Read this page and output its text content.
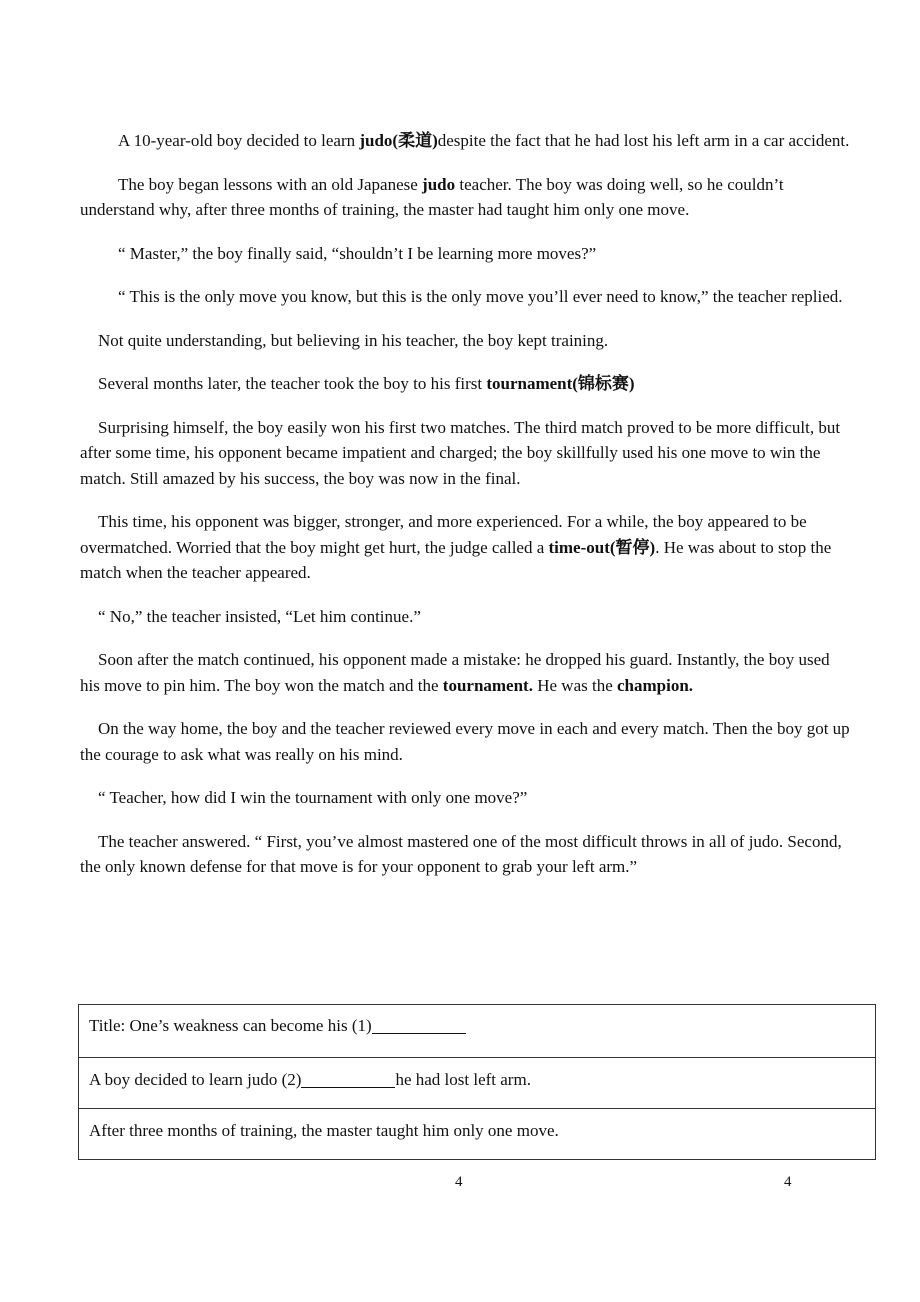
A 10-year-old boy decided to learn judo(柔道)despite the fact that he had lost his left arm in a car accident.

The boy began lessons with an old Japanese judo teacher. The boy was doing well, so he couldn’t understand why, after three months of training, the master had taught him only one move.

“ Master,” the boy finally said, “shouldn’t I be learning more moves?”

“ This is the only move you know, but this is the only move you’ll ever need to know,” the teacher replied.

Not quite understanding, but believing in his teacher, the boy kept training.

Several months later, the teacher took the boy to his first tournament(锦标赛)

Surprising himself, the boy easily won his first two matches. The third match proved to be more difficult, but after some time, his opponent became impatient and charged; the boy skillfully used his one move to win the match. Still amazed by his success, the boy was now in the final.

This time, his opponent was bigger, stronger, and more experienced. For a while, the boy appeared to be overmatched. Worried that the boy might get hurt, the judge called a time-out(暂停). He was about to stop the match when the teacher appeared.

“ No,” the teacher insisted, “Let him continue.”

Soon after the match continued, his opponent made a mistake: he dropped his guard. Instantly, the boy used his move to pin him. The boy won the match and the tournament. He was the champion.

On the way home, the boy and the teacher reviewed every move in each and every match. Then the boy got up the courage to ask what was really on his mind.

“ Teacher, how did I win the tournament with only one move?”

The teacher answered. “ First, you’ve almost mastered one of the most difficult throws in all of judo. Second, the only known defense for that move is for your opponent to grab your left arm.”

Title: One’s weakness can become his (1)
A boy decided to learn judo (2)	he had lost left arm.
After three months of training, the master taught him only one move.
4	4
